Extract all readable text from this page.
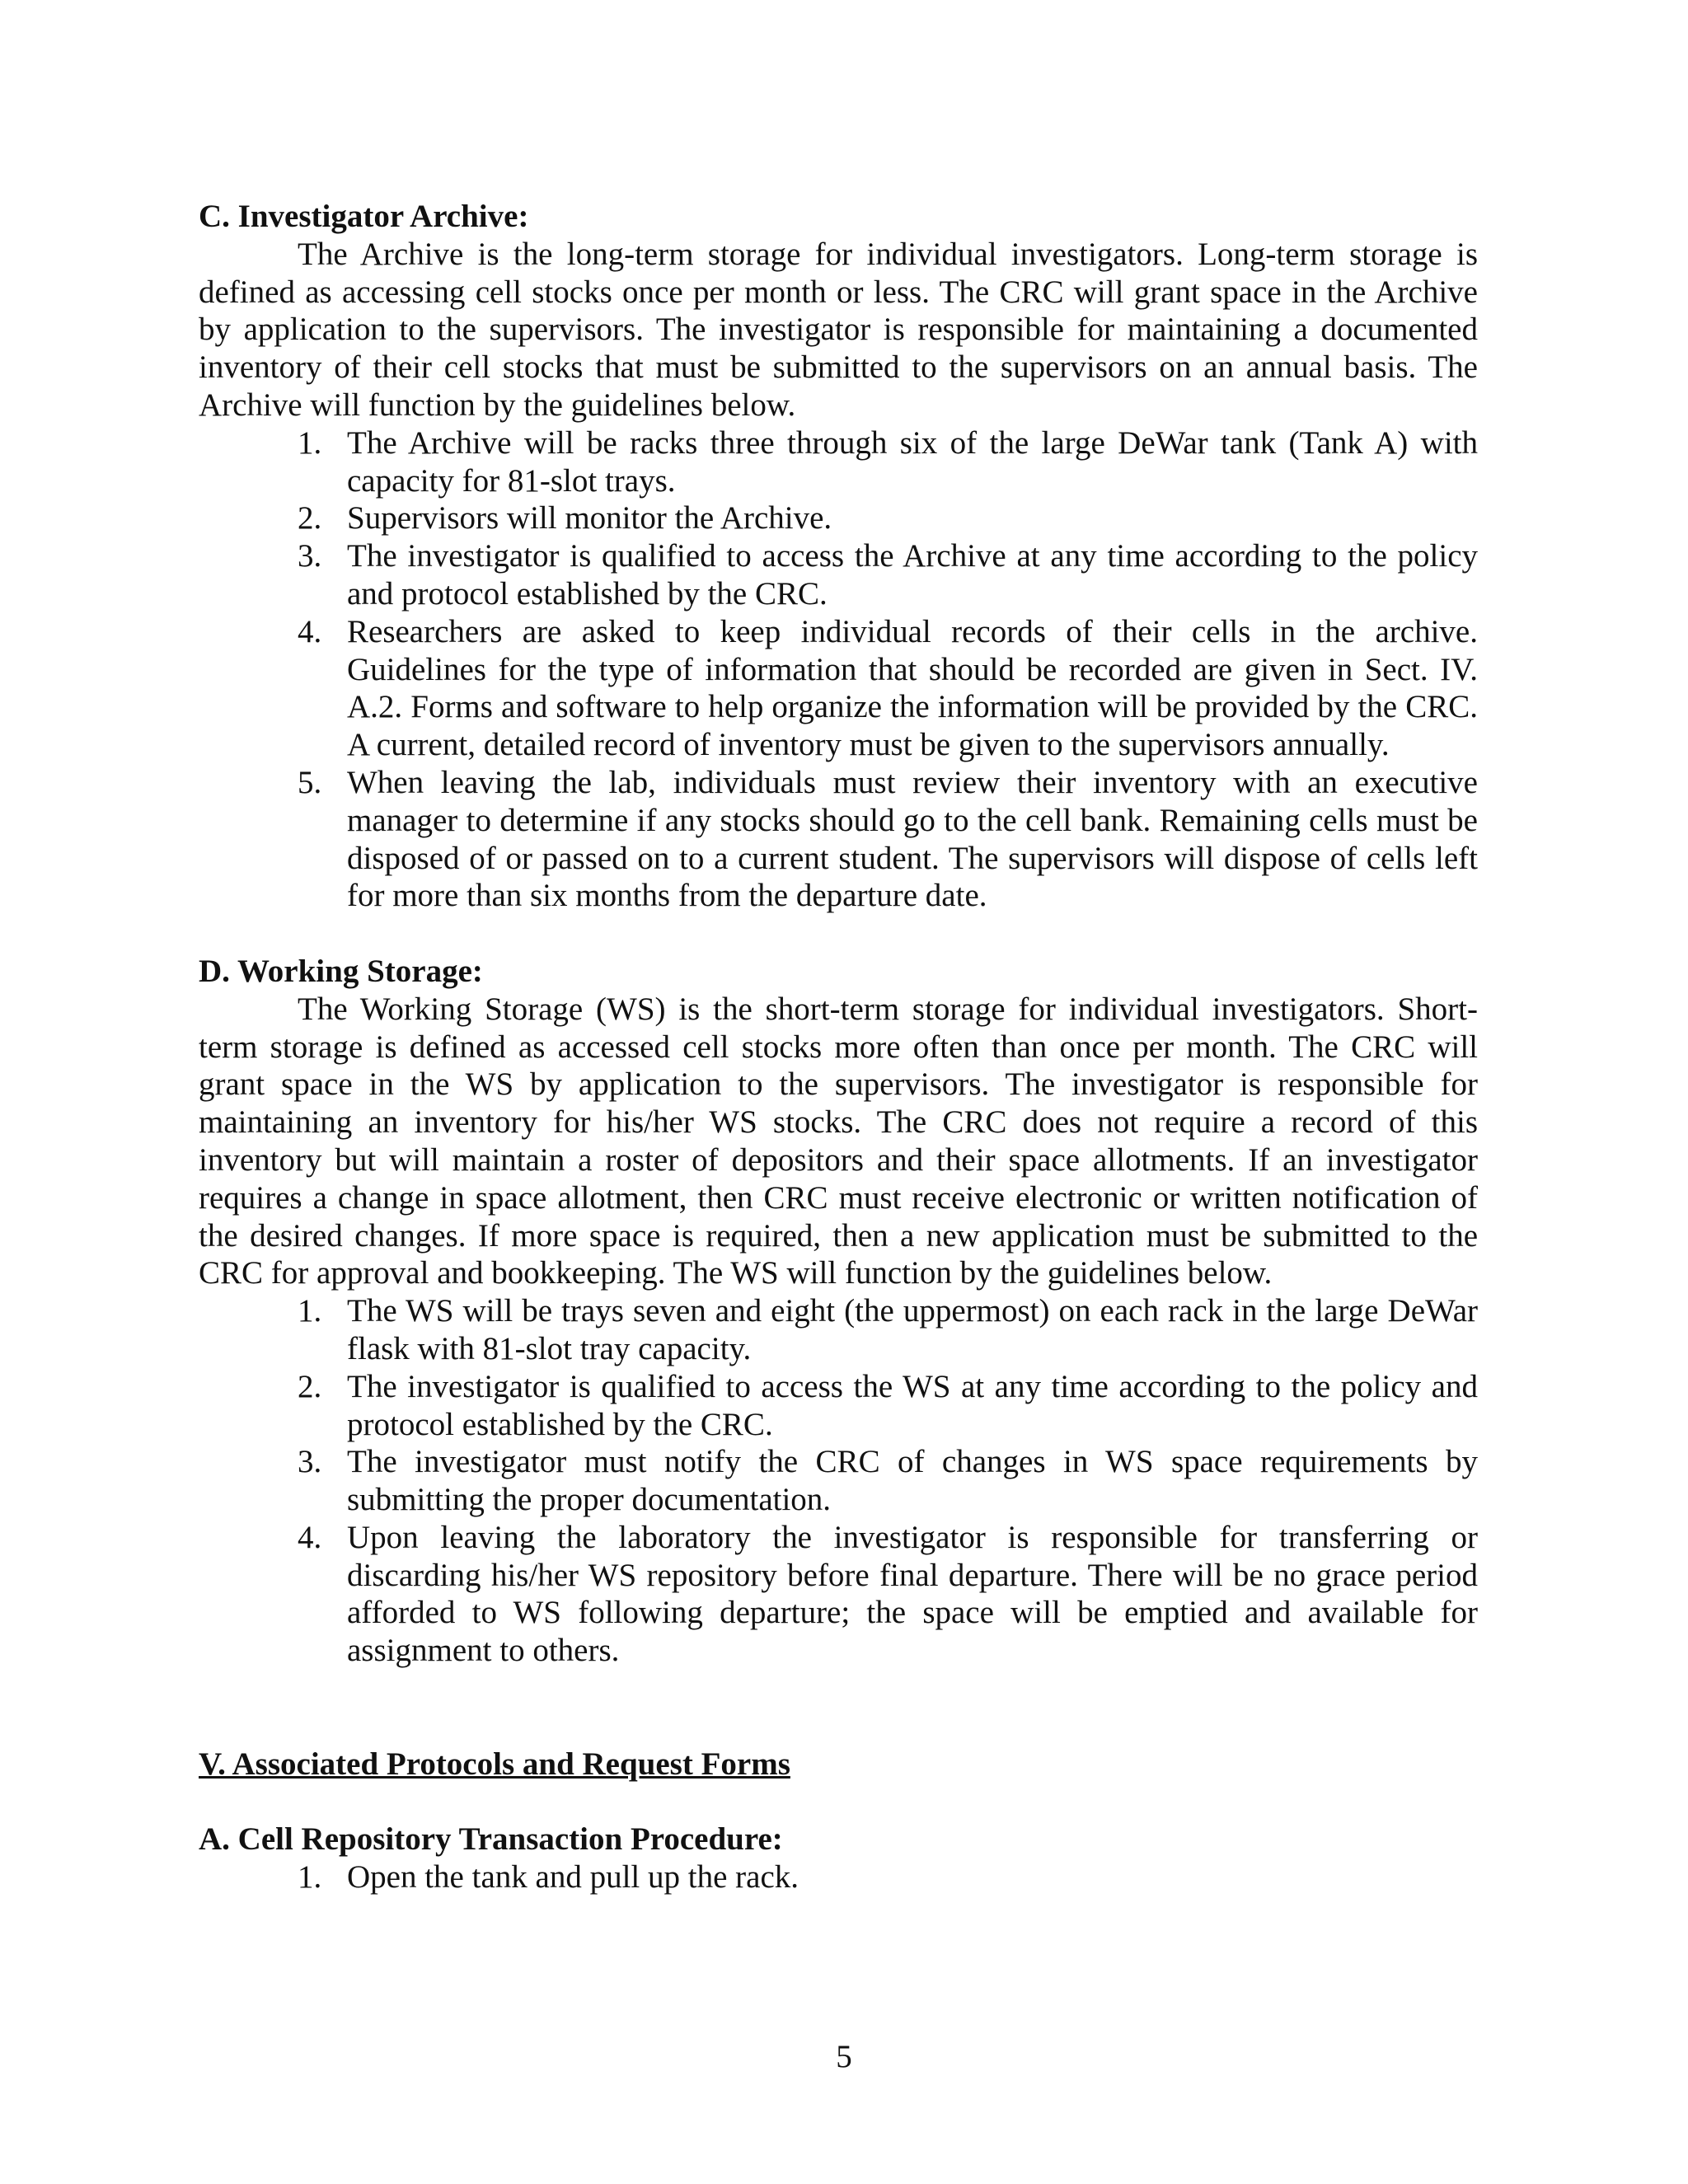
C. Investigator Archive:

The Archive is the long-term storage for individual investigators. Long-term storage is defined as accessing cell stocks once per month or less. The CRC will grant space in the Archive by application to the supervisors. The investigator is responsible for maintaining a documented inventory of their cell stocks that must be submitted to the supervisors on an annual basis. The Archive will function by the guidelines below.

1. The Archive will be racks three through six of the large DeWar tank (Tank A) with capacity for 81-slot trays.
2. Supervisors will monitor the Archive.
3. The investigator is qualified to access the Archive at any time according to the policy and protocol established by the CRC.
4. Researchers are asked to keep individual records of their cells in the archive. Guidelines for the type of information that should be recorded are given in Sect. IV. A.2. Forms and software to help organize the information will be provided by the CRC. A current, detailed record of inventory must be given to the supervisors annually.
5. When leaving the lab, individuals must review their inventory with an executive manager to determine if any stocks should go to the cell bank. Remaining cells must be disposed of or passed on to a current student. The supervisors will dispose of cells left for more than six months from the departure date.

D. Working Storage:

The Working Storage (WS) is the short-term storage for individual investigators. Short-term storage is defined as accessed cell stocks more often than once per month. The CRC will grant space in the WS by application to the supervisors. The investigator is responsible for maintaining an inventory for his/her WS stocks. The CRC does not require a record of this inventory but will maintain a roster of depositors and their space allotments. If an investigator requires a change in space allotment, then CRC must receive electronic or written notification of the desired changes. If more space is required, then a new application must be submitted to the CRC for approval and bookkeeping. The WS will function by the guidelines below.

1. The WS will be trays seven and eight (the uppermost) on each rack in the large DeWar flask with 81-slot tray capacity.
2. The investigator is qualified to access the WS at any time according to the policy and protocol established by the CRC.
3. The investigator must notify the CRC of changes in WS space requirements by submitting the proper documentation.
4. Upon leaving the laboratory the investigator is responsible for transferring or discarding his/her WS repository before final departure. There will be no grace period afforded to WS following departure; the space will be emptied and available for assignment to others.

V. Associated Protocols and Request Forms

A. Cell Repository Transaction Procedure:

1. Open the tank and pull up the rack.
5
